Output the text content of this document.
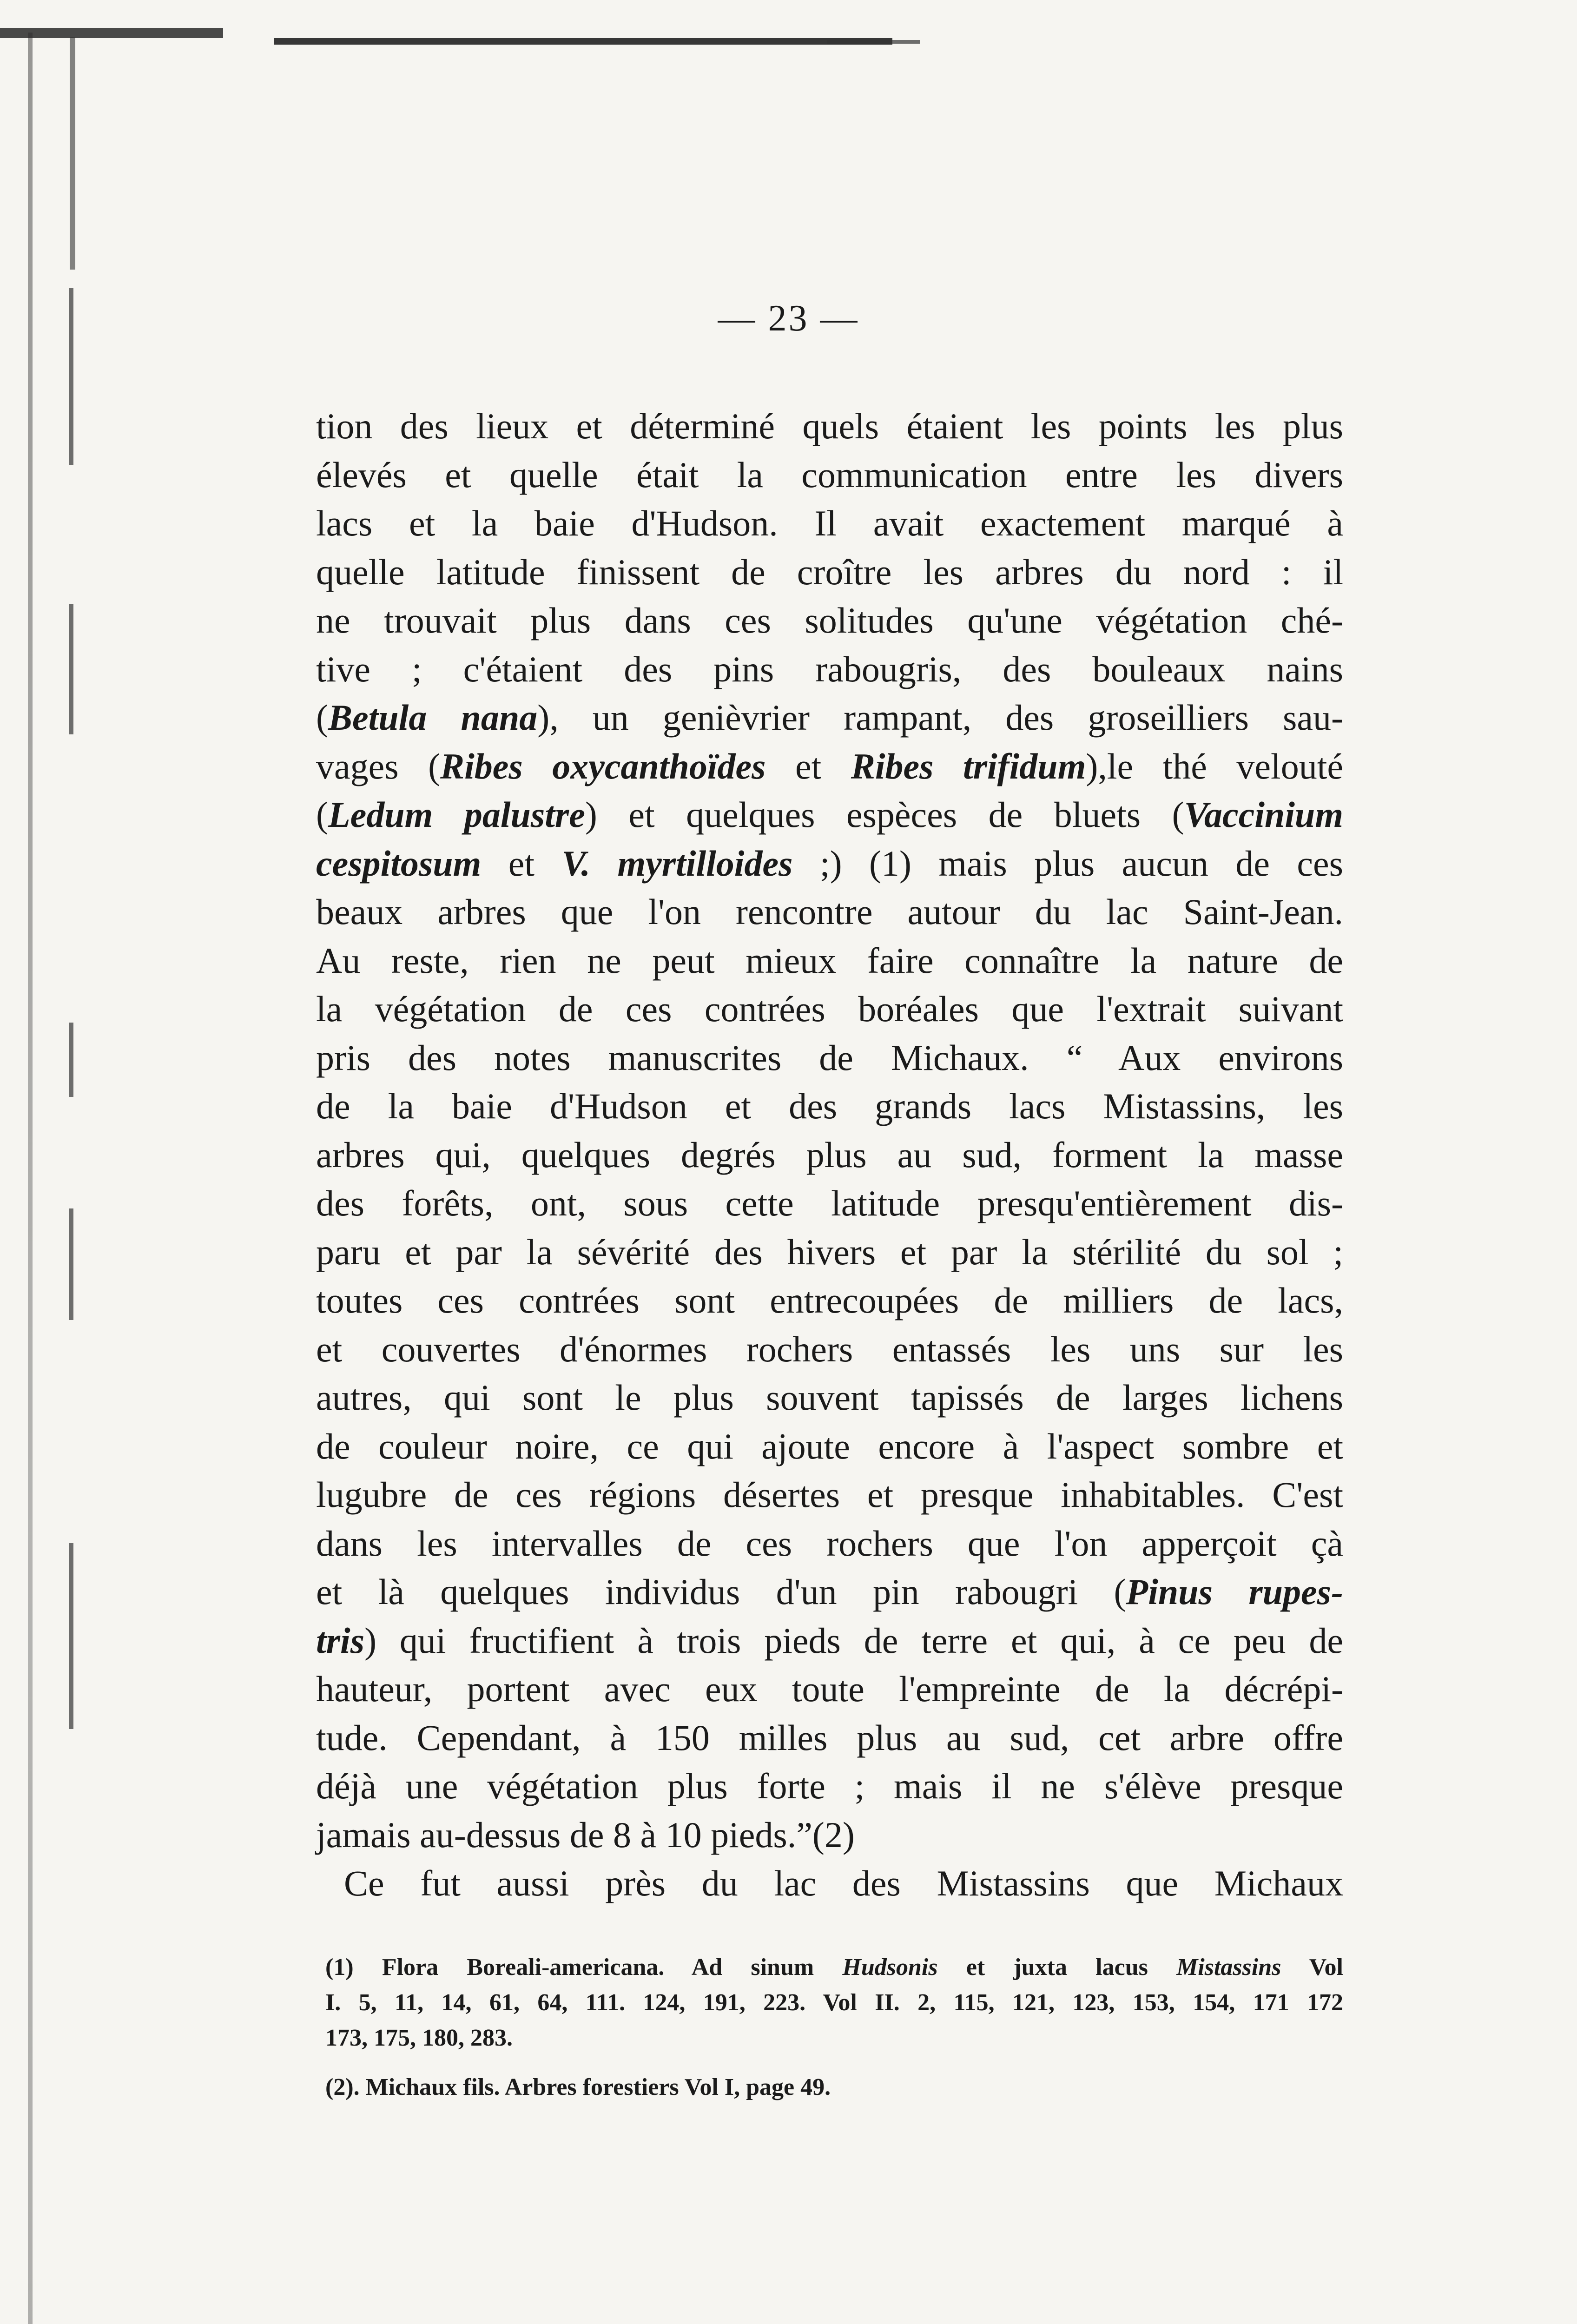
— 23 —
tion des lieux et déterminé quels étaient les points les plus
élevés et quelle était la communication entre les divers
lacs et la baie d'Hudson. Il avait exactement marqué à
quelle latitude finissent de croître les arbres du nord : il
ne trouvait plus dans ces solitudes qu'une végétation ché-
tive ; c'étaient des pins rabougris, des bouleaux nains
(Betula nana), un genièvrier rampant, des groseilliers sau-
vages (Ribes oxycanthoïdes et Ribes trifidum),le thé velouté
(Ledum palustre) et quelques espèces de bluets (Vaccinium
cespitosum et V. myrtilloides ;) (1) mais plus aucun de ces
beaux arbres que l'on rencontre autour du lac Saint-Jean.
Au reste, rien ne peut mieux faire connaître la nature de
la végétation de ces contrées boréales que l'extrait suivant
pris des notes manuscrites de Michaux. “ Aux environs
de la baie d'Hudson et des grands lacs Mistassins, les
arbres qui, quelques degrés plus au sud, forment la masse
des forêts, ont, sous cette latitude presqu'entièrement dis-
paru et par la sévérité des hivers et par la stérilité du sol ;
toutes ces contrées sont entrecoupées de milliers de lacs,
et couvertes d'énormes rochers entassés les uns sur les
autres, qui sont le plus souvent tapissés de larges lichens
de couleur noire, ce qui ajoute encore à l'aspect sombre et
lugubre de ces régions désertes et presque inhabitables. C'est
dans les intervalles de ces rochers que l'on apperçoit çà
et là quelques individus d'un pin rabougri (Pinus rupes-
tris) qui fructifient à trois pieds de terre et qui, à ce peu de
hauteur, portent avec eux toute l'empreinte de la décrépi-
tude. Cependant, à 150 milles plus au sud, cet arbre offre
déjà une végétation plus forte ; mais il ne s'élève presque
jamais au-dessus de 8 à 10 pieds.”(2)
Ce fut aussi près du lac des Mistassins que Michaux
(1) Flora Boreali-americana. Ad sinum Hudsonis et juxta lacus Mistassins Vol
I. 5, 11, 14, 61, 64, 111. 124, 191, 223. Vol II. 2, 115, 121, 123, 153, 154, 171 172
173, 175, 180, 283.
(2). Michaux fils. Arbres forestiers Vol I, page 49.
